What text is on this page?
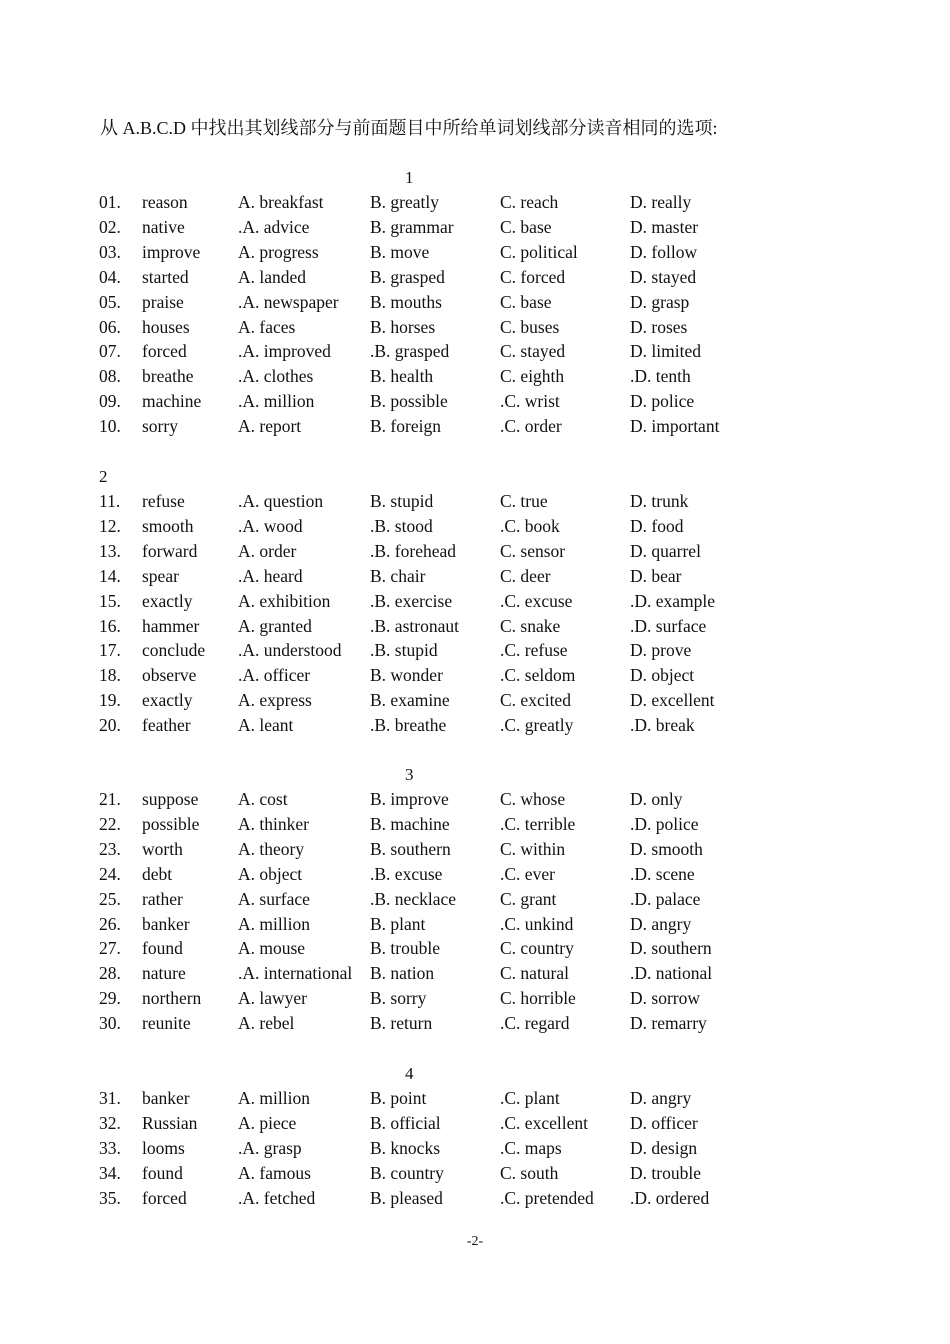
从 A.B.C.D 中找出其划线部分与前面题目中所给单词划线部分读音相同的选项:
1
01. reason	A. breakfast	B. greatly	C. reach	D. really
02. native	.A. advice	B. grammar	C. base	D. master
03. improve A. progress	B. move	C. political	D. follow
04. started	A. landed	B. grasped	C. forced	D. stayed
05. praise	.A. newspaper B. mouths	C. base	D. grasp
06. houses	A. faces	B. horses	C. buses	D. roses
07. forced	.A. improved .B. grasped	C. stayed	D. limited
08. breathe	.A. clothes	B. health	C. eighth	.D. tenth
09. machine .A. million	B. possible	.C. wrist	D. police
10. sorry	A. report	B. foreign	.C. order	D. important
2
11. refuse	.A. question	B. stupid	C. true	D. trunk
12. smooth	.A. wood	.B. stood	.C. book	D. food
13. forward A. order	.B. forehead	C. sensor	D. quarrel
14. spear	.A. heard	B. chair	C. deer	D. bear
15. exactly	A. exhibition .B. exercise	.C. excuse	.D. example
16. hammer A. granted	.B. astronaut C. snake	.D. surface
17. conclude .A. understood .B. stupid	.C. refuse	D. prove
18. observe .A. officer	B. wonder	.C. seldom	D. object
19. exactly	A. express	B. examine	C. excited	D. excellent
20. feather	A. leant	.B. breathe	.C. greatly	.D. break
3
21. suppose A. cost	B. improve	C. whose	D. only
22. possible A. thinker	B. machine	.C. terrible	.D. police
23. worth	A. theory	B. southern	C. within	D. smooth
24. debt	A. object	.B. excuse	.C. ever	.D. scene
25. rather	A. surface	.B. necklace	C. grant	.D. palace
26. banker	A. million	B. plant	.C. unkind	D. angry
27. found	A. mouse	B. trouble	C. country	D. southern
28. nature	.A. international B. nation	C. natural	.D. national
29. northern A. lawyer	B. sorry	C. horrible	D. sorrow
30. reunite	A. rebel	B. return	.C. regard	D. remarry
4
31. banker	A. million	B. point	.C. plant	D. angry
32. Russian A. piece	B. official	.C. excellent D. officer
33. looms	.A. grasp	B. knocks	.C. maps	D. design
34. found	A. famous	B. country	C. south	D. trouble
35. forced	.A. fetched	B. pleased	.C. pretended .D. ordered
-2-
